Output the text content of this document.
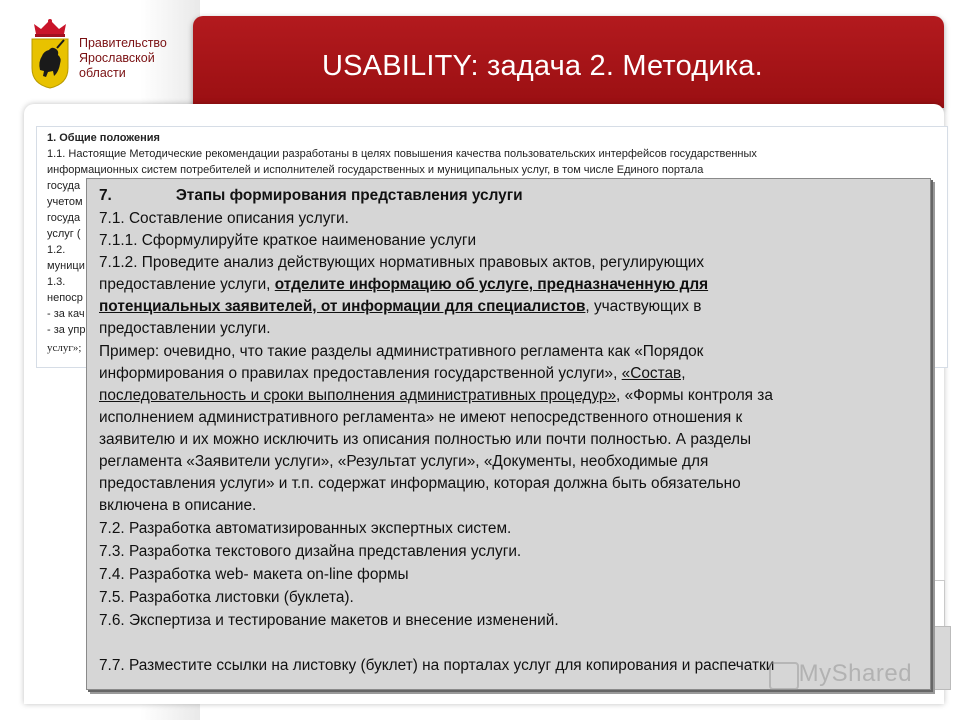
Правительство
Ярославской
области	USABILITY: задача 2. Методика.
1. Общие положения
1.1. Настоящие Методические рекомендации разработаны в целях повышения качества пользовательских интерфейсов государственных
информационных систем потребителей и исполнителей государственных и муниципальных услуг, в том числе Единого портала
госуда
учетом
госуда
услуг (
1.2.
муници
1.3.
непоср
- за кач
- за упр
услуг»;
7.	Этапы формирования представления услуги
7.1. Составление описания услуги.
7.1.1. Сформулируйте краткое наименование услуги
7.1.2. Проведите анализ действующих нормативных правовых актов, регулирующих
предоставление услуги, отделите информацию об услуге, предназначенную для
потенциальных заявителей, от информации для специалистов, участвующих в
предоставлении услуги.
Пример: очевидно, что такие разделы административного регламента как «Порядок
информирования о правилах предоставления государственной услуги», «Состав,
последовательность и сроки выполнения административных процедур», «Формы контроля за
исполнением административного регламента» не имеют непосредственного отношения к
заявителю и их можно исключить из описания полностью или почти полностью. А разделы
регламента «Заявители услуги», «Результат услуги», «Документы, необходимые для
предоставления услуги» и т.п. содержат информацию, которая должна быть обязательно
включена в описание.
7.2. Разработка автоматизированных экспертных систем.
7.3. Разработка текстового дизайна представления услуги.
7.4. Разработка web- макета on-line формы
7.5. Разработка листовки (буклета).
7.6. Экспертиза и тестирование макетов и внесение изменений.
7.7. Разместите ссылки на листовку (буклет) на порталах услуг для копирования и распечатки	MyShared
